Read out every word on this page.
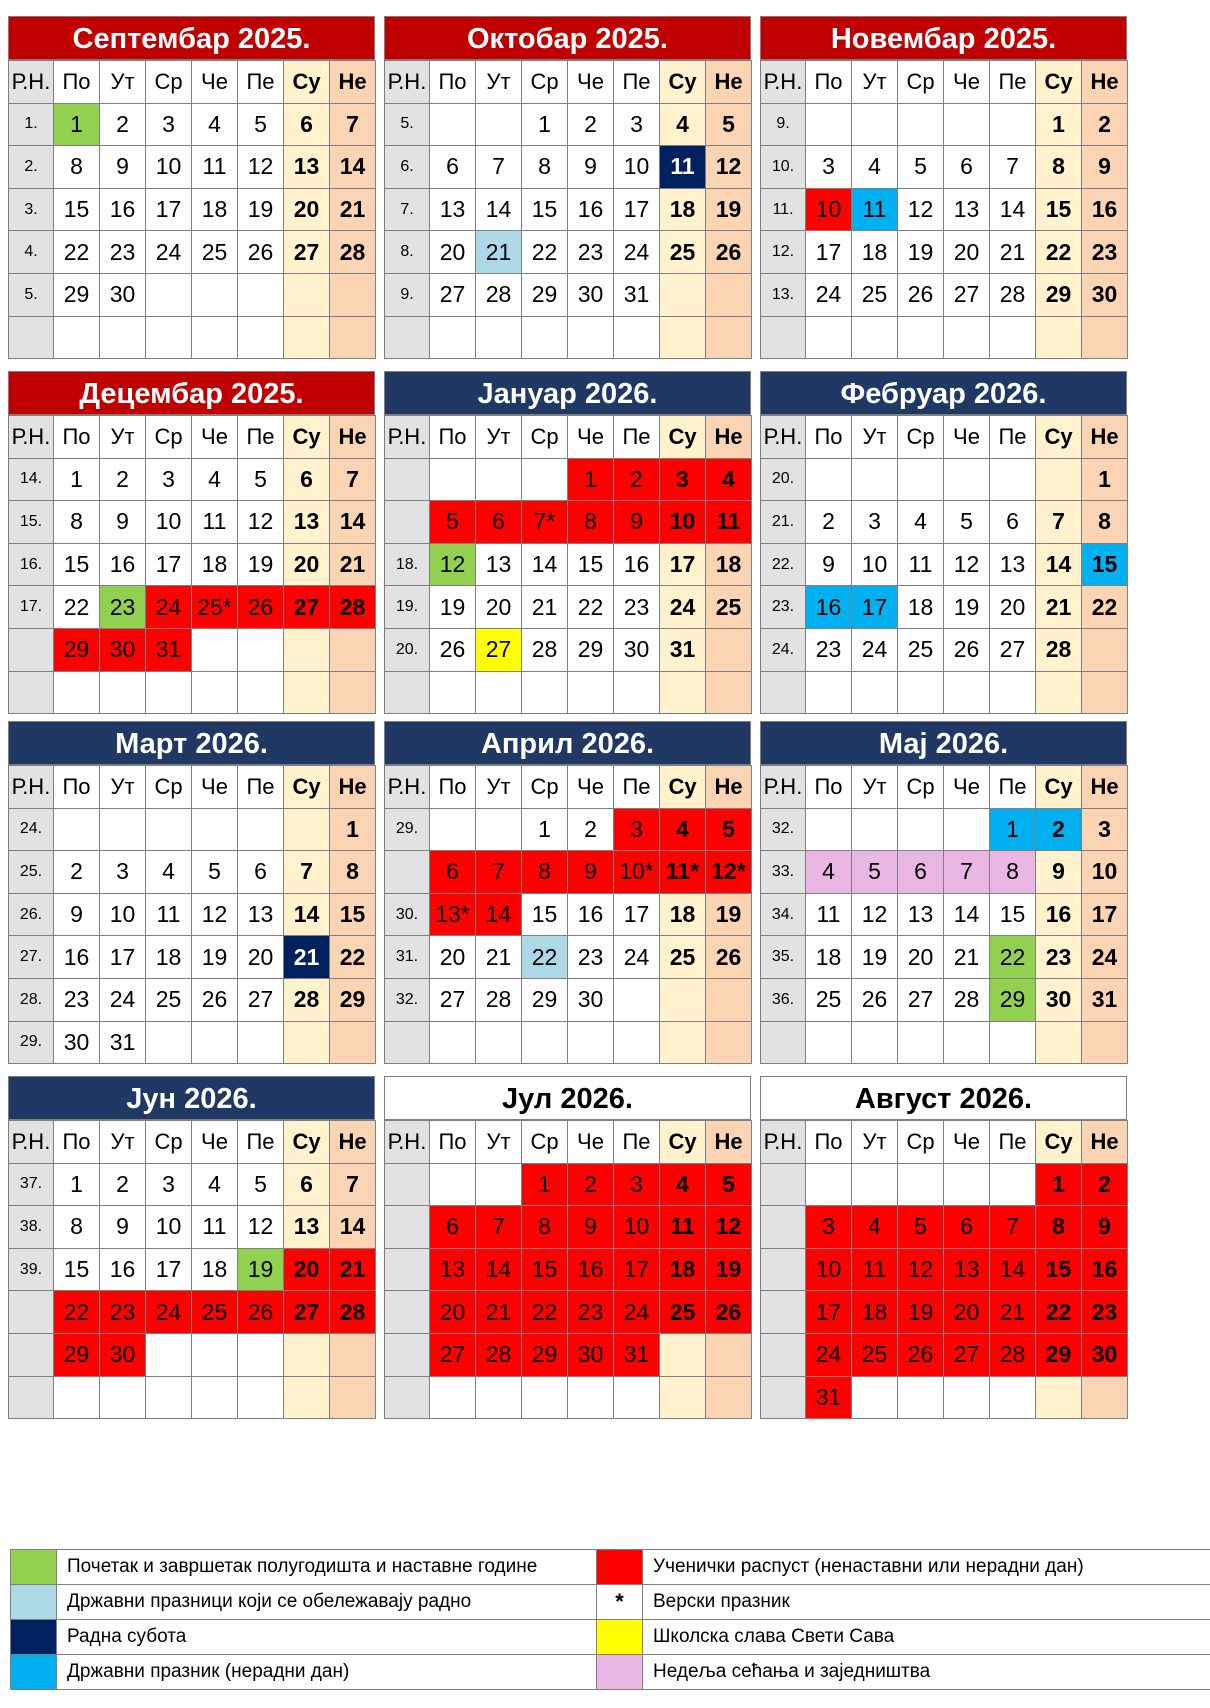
Септембар 2025.
Р.Н.	По	Ут	Ср	Че	Пе	Су	Не
1.	1	2	3	4	5	6	7
2.	8	9	10	11	12	13	14
3.	15	16	17	18	19	20	21
4.	22	23	24	25	26	27	28
5.	29	30					

Октобар 2025.
Р.Н.	По	Ут	Ср	Че	Пе	Су	Не
5.			1	2	3	4	5
6.	6	7	8	9	10	11	12
7.	13	14	15	16	17	18	19
8.	20	21	22	23	24	25	26
9.	27	28	29	30	31		

Новембар 2025.
Р.Н.	По	Ут	Ср	Че	Пе	Су	Не
9.						1	2
10.	3	4	5	6	7	8	9
11.	10	11	12	13	14	15	16
12.	17	18	19	20	21	22	23
13.	24	25	26	27	28	29	30

Децембар 2025.
Р.Н.	По	Ут	Ср	Че	Пе	Су	Не
14.	1	2	3	4	5	6	7
15.	8	9	10	11	12	13	14
16.	15	16	17	18	19	20	21
17.	22	23	24	25*	26	27	28
	29	30	31				

Јануар 2026.
Р.Н.	По	Ут	Ср	Че	Пе	Су	Не
				1	2	3	4
	5	6	7*	8	9	10	11
18.	12	13	14	15	16	17	18
19.	19	20	21	22	23	24	25
20.	26	27	28	29	30	31	

Фебруар 2026.
Р.Н.	По	Ут	Ср	Че	Пе	Су	Не
20.							1
21.	2	3	4	5	6	7	8
22.	9	10	11	12	13	14	15
23.	16	17	18	19	20	21	22
24.	23	24	25	26	27	28	

Март 2026.
Р.Н.	По	Ут	Ср	Че	Пе	Су	Не
24.							1
25.	2	3	4	5	6	7	8
26.	9	10	11	12	13	14	15
27.	16	17	18	19	20	21	22
28.	23	24	25	26	27	28	29
29.	30	31					
Април 2026.
Р.Н.	По	Ут	Ср	Че	Пе	Су	Не
29.			1	2	3	4	5
	6	7	8	9	10*	11*	12*
30.	13*	14	15	16	17	18	19
31.	20	21	22	23	24	25	26
32.	27	28	29	30			

Мај 2026.
Р.Н.	По	Ут	Ср	Че	Пе	Су	Не
32.					1	2	3
33.	4	5	6	7	8	9	10
34.	11	12	13	14	15	16	17
35.	18	19	20	21	22	23	24
36.	25	26	27	28	29	30	31

Јун 2026.
Р.Н.	По	Ут	Ср	Че	Пе	Су	Не
37.	1	2	3	4	5	6	7
38.	8	9	10	11	12	13	14
39.	15	16	17	18	19	20	21
	22	23	24	25	26	27	28
	29	30					

Јул 2026.
Р.Н.	По	Ут	Ср	Че	Пе	Су	Не
			1	2	3	4	5
	6	7	8	9	10	11	12
	13	14	15	16	17	18	19
	20	21	22	23	24	25	26
	27	28	29	30	31		

Август 2026.
Р.Н.	По	Ут	Ср	Че	Пе	Су	Не
						1	2
	3	4	5	6	7	8	9
	10	11	12	13	14	15	16
	17	18	19	20	21	22	23
	24	25	26	27	28	29	30
	31						
	Почетак и завршетак полугодишта и наставне године		Ученички распуст (ненаставни или нерадни дан)
	Државни празници који се обележавају радно	*	Верски празник
	Радна субота		Школска слава Свети Сава
	Државни празник (нерадни дан)		Недеља сећања и заједништва
